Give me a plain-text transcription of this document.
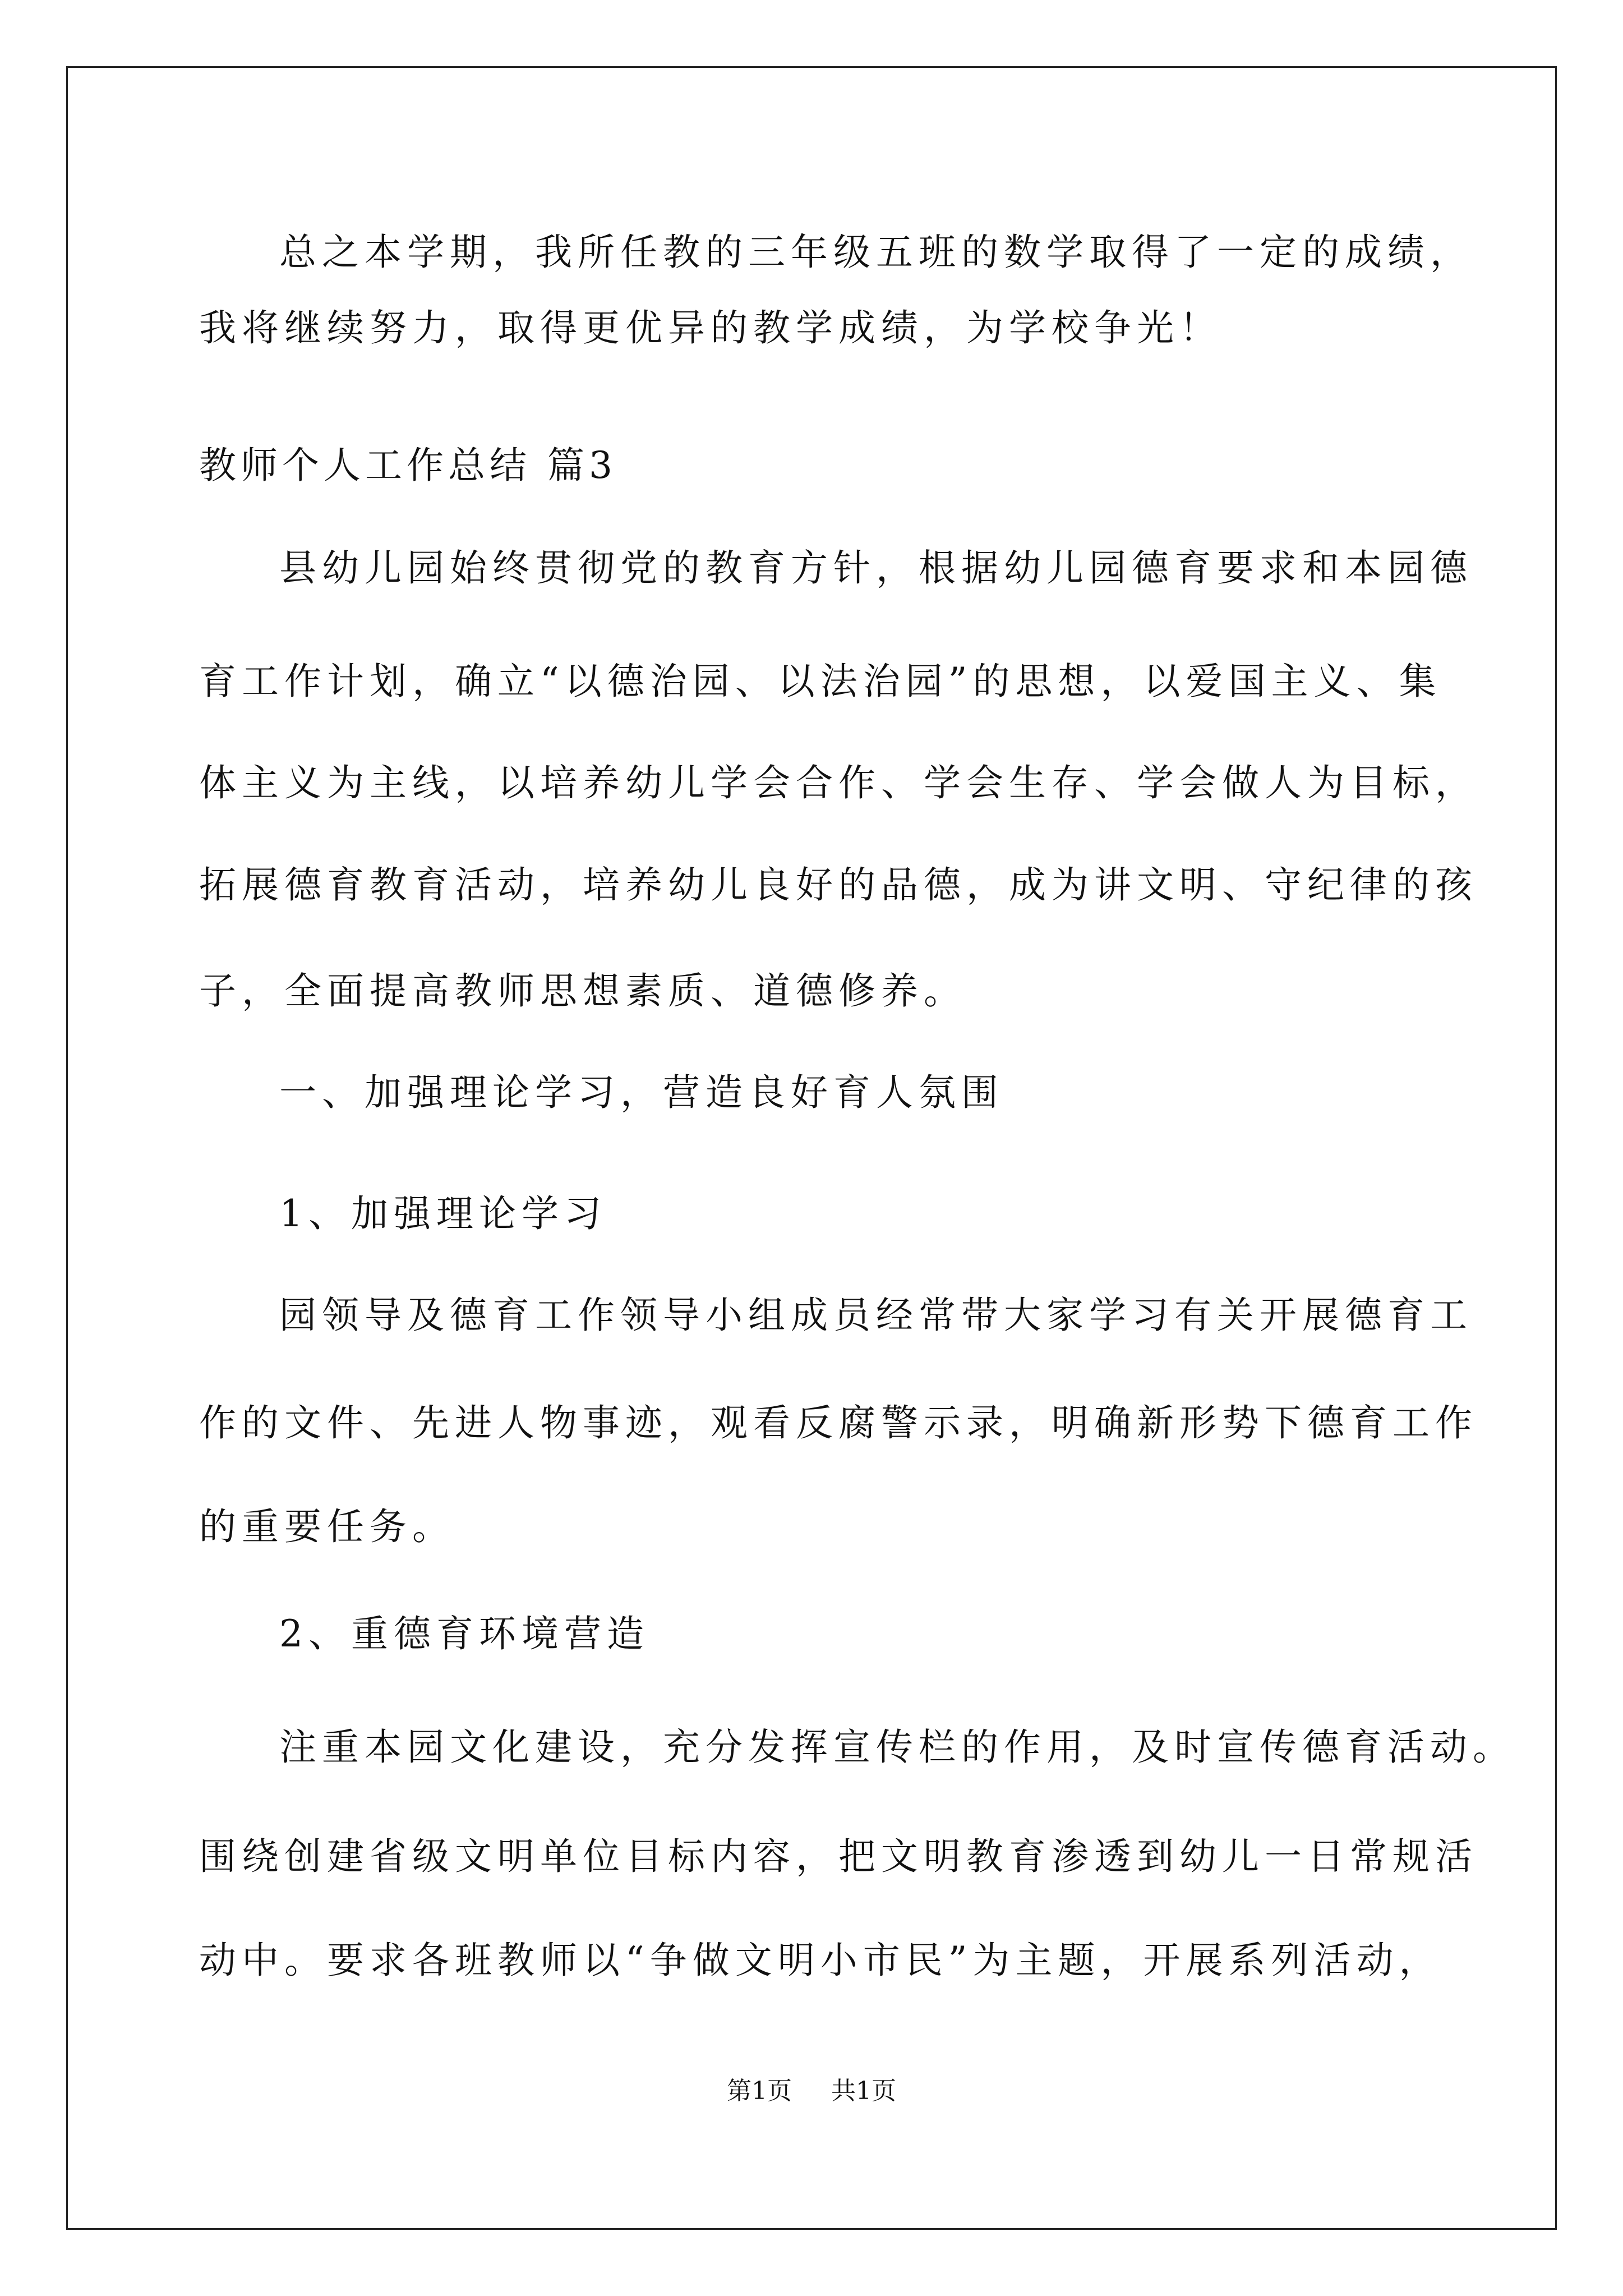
总之本学期，我所任教的三年级五班的数学取得了一定的成绩，
我将继续努力，取得更优异的教学成绩，为学校争光！
教师个人工作总结 篇3
县幼儿园始终贯彻党的教育方针，根据幼儿园德育要求和本园德
育工作计划，确立“以德治园、以法治园”的思想，以爱国主义、集
体主义为主线，以培养幼儿学会合作、学会生存、学会做人为目标，
拓展德育教育活动，培养幼儿良好的品德，成为讲文明、守纪律的孩
子，全面提高教师思想素质、道德修养。
一、加强理论学习，营造良好育人氛围
1、加强理论学习
园领导及德育工作领导小组成员经常带大家学习有关开展德育工
作的文件、先进人物事迹，观看反腐警示录，明确新形势下德育工作
的重要任务。
2、重德育环境营造
注重本园文化建设，充分发挥宣传栏的作用，及时宣传德育活动。
围绕创建省级文明单位目标内容，把文明教育渗透到幼儿一日常规活
动中。要求各班教师以“争做文明小市民”为主题，开展系列活动，
第1页 共1页
